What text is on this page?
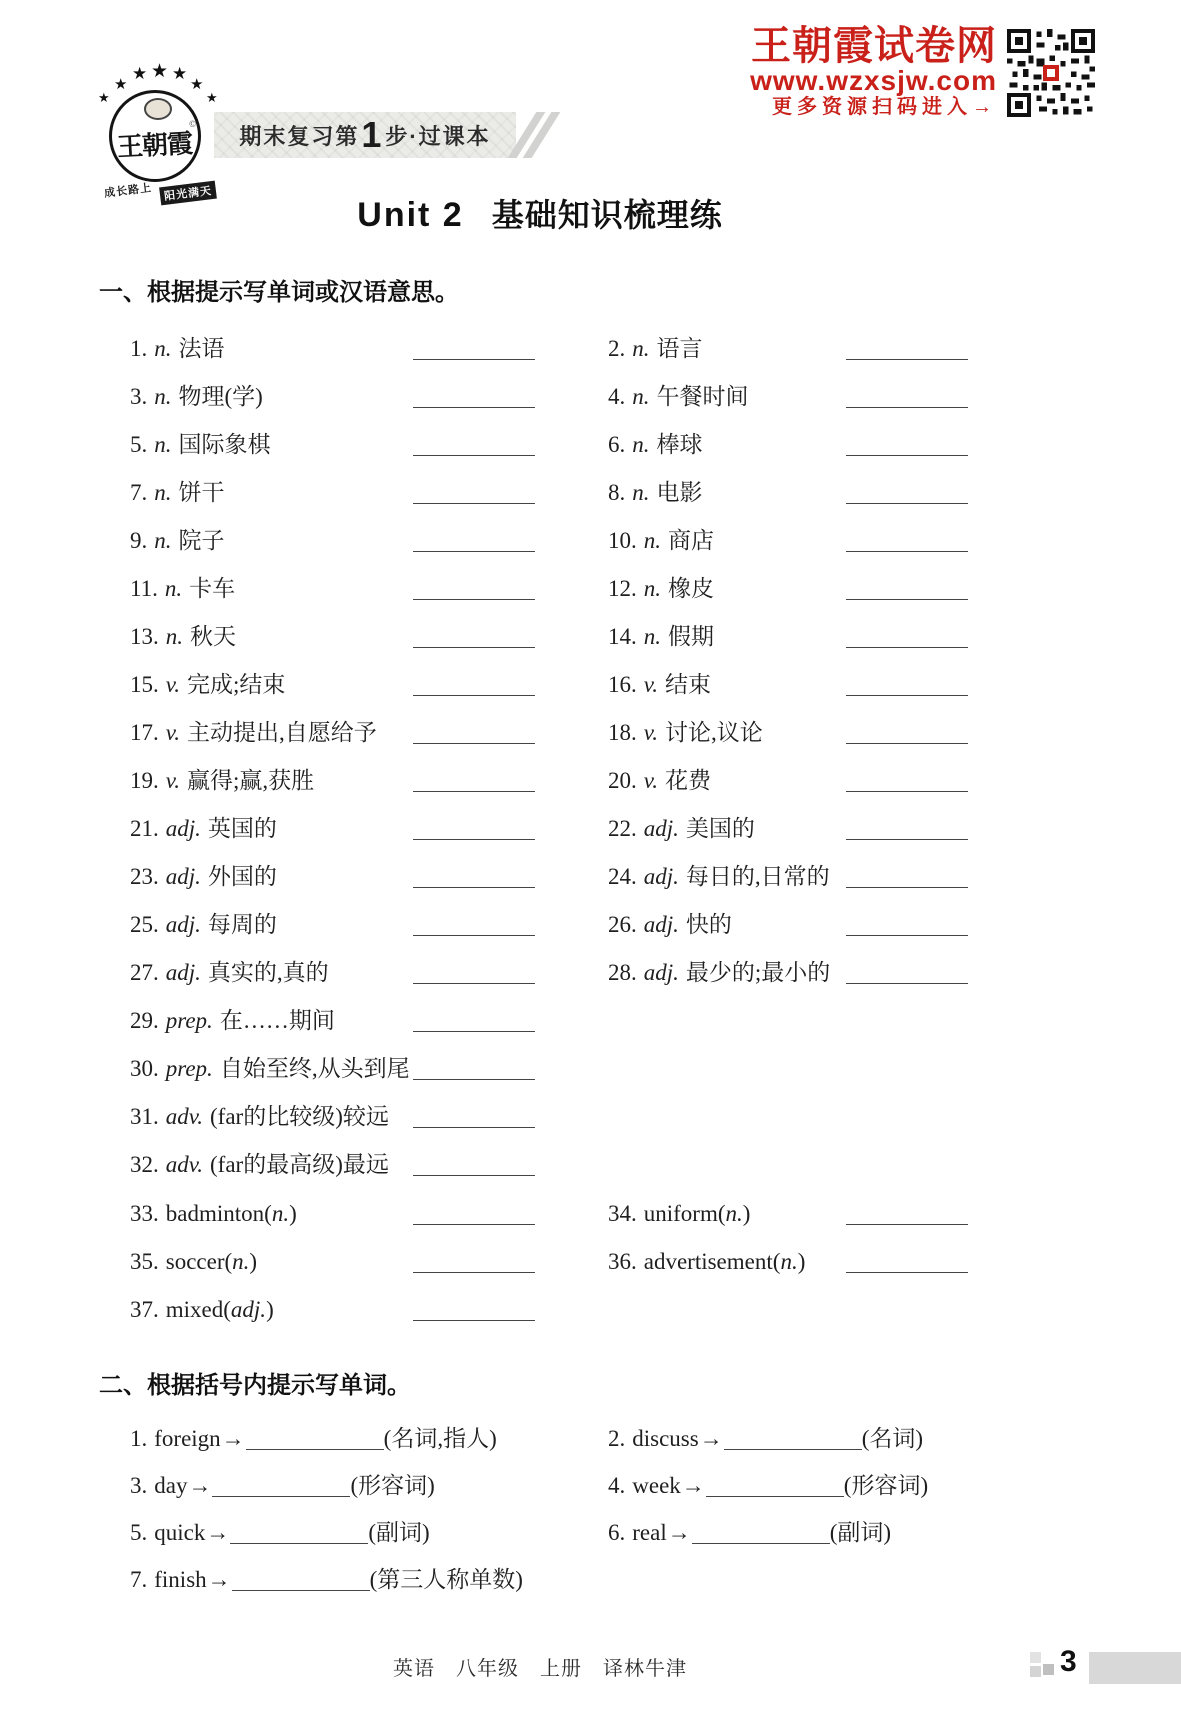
王朝霞试卷网
www.wzxsjw.com
更多资源扫码进入→
★
★
★ ★ ★
★
★
王朝霞
©
成长路上 阳光满天
期末复习第 1 步·过课本
Unit 2 基础知识梳理练
一、根据提示写单词或汉语意思。
1. n. 法语	2. n. 语言
3. n. 物理(学)	4. n. 午餐时间
5. n. 国际象棋	6. n. 棒球
7. n. 饼干	8. n. 电影
9. n. 院子	10. n. 商店
11. n. 卡车	12. n. 橡皮
13. n. 秋天	14. n. 假期
15. v. 完成;结束	16. v. 结束
17. v. 主动提出,自愿给予	18. v. 讨论,议论
19. v. 赢得;赢,获胜	20. v. 花费
21. adj. 英国的	22. adj. 美国的
23. adj. 外国的	24. adj. 每日的,日常的
25. adj. 每周的	26. adj. 快的
27. adj. 真实的,真的	28. adj. 最少的;最小的
29. prep. 在……期间
30. prep. 自始至终,从头到尾
31. adv. (far的比较级)较远
32. adv. (far的最高级)最远
33. badminton ( n. )	34. uniform ( n. )
35. soccer ( n. )	36. advertisement ( n. )
37. mixed ( adj. )
二、根据括号内提示写单词。
1. foreign →	(名词,指人)	2. discuss →	(名词)
3. day →	(形容词)	4. week →	(形容词)
5. quick →	(副词)	6. real →	(副词)
7. finish →	(第三人称单数)
英语　八年级　上册　译林牛津	3
